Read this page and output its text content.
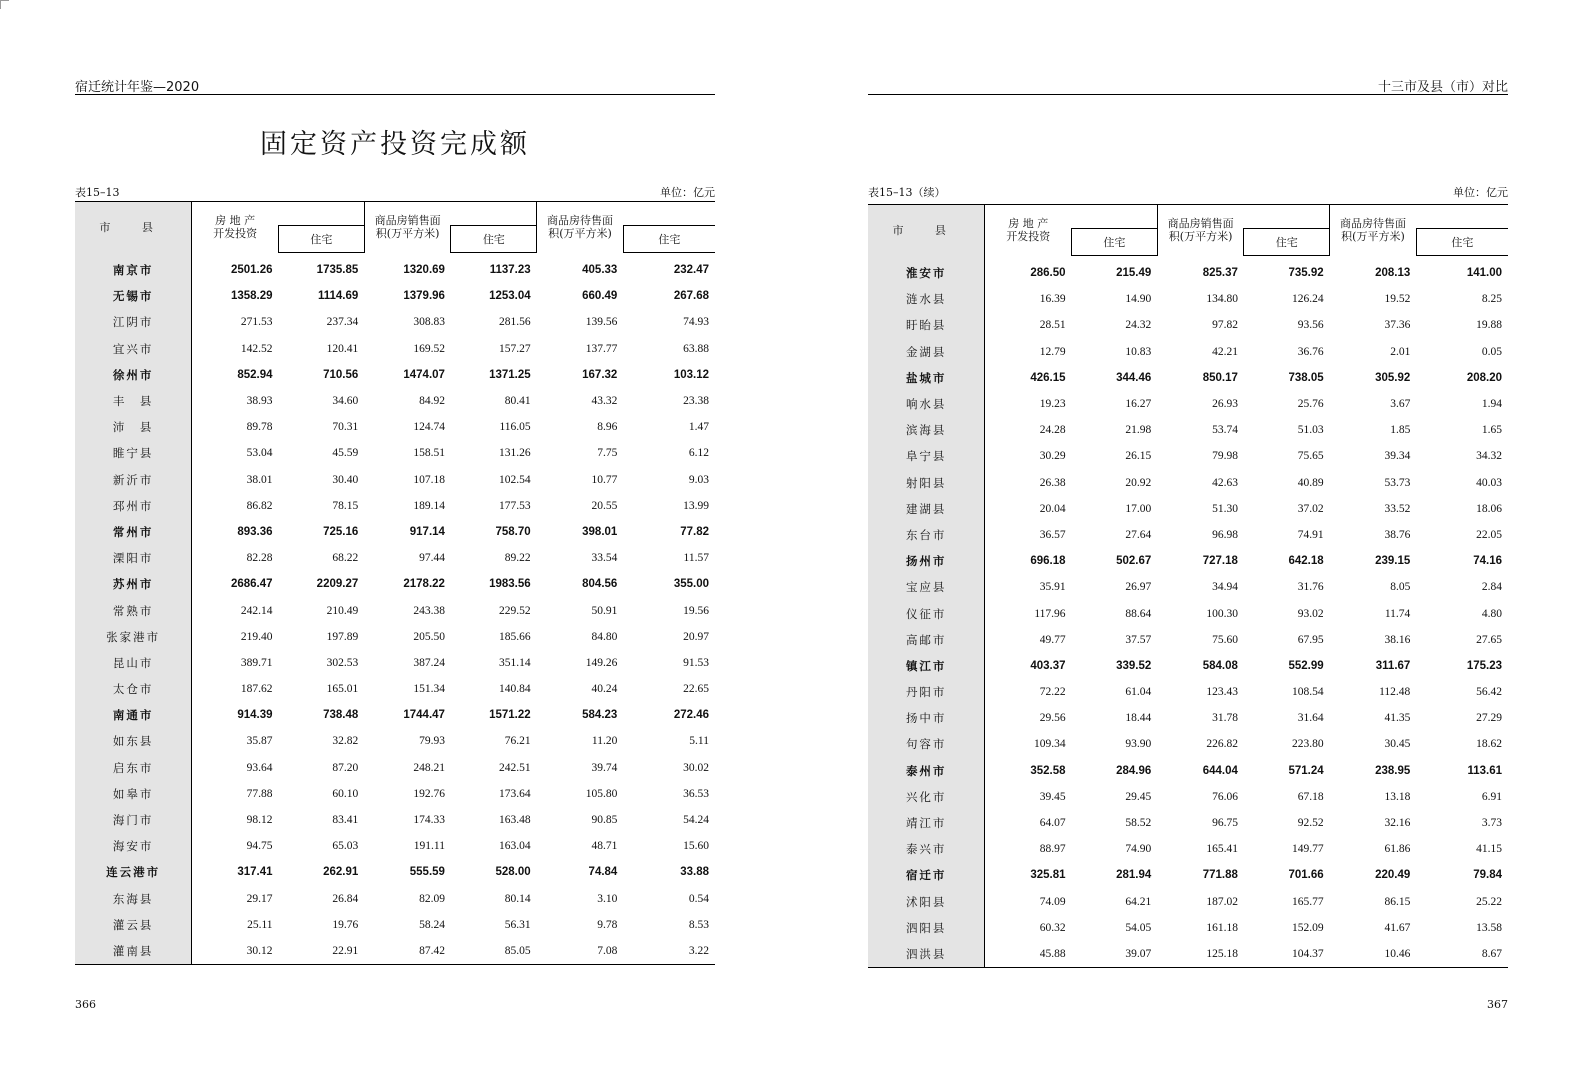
宿迁统计年鉴—2020
固定资产投资完成额
表15–13	单位：亿元
市 县	房 地 产
开发投资		商品房销售面
积(万平方米)		商品房待售面
积(万平方米)	
		住宅		住宅		住宅
南京市	2501.26	1735.85	1320.69	1137.23	405.33	232.47
无锡市	1358.29	1114.69	1379.96	1253.04	660.49	267.68
江阴市	271.53	237.34	308.83	281.56	139.56	74.93
宜兴市	142.52	120.41	169.52	157.27	137.77	63.88
徐州市	852.94	710.56	1474.07	1371.25	167.32	103.12
丰　县	38.93	34.60	84.92	80.41	43.32	23.38
沛　县	89.78	70.31	124.74	116.05	8.96	1.47
睢宁县	53.04	45.59	158.51	131.26	7.75	6.12
新沂市	38.01	30.40	107.18	102.54	10.77	9.03
邳州市	86.82	78.15	189.14	177.53	20.55	13.99
常州市	893.36	725.16	917.14	758.70	398.01	77.82
溧阳市	82.28	68.22	97.44	89.22	33.54	11.57
苏州市	2686.47	2209.27	2178.22	1983.56	804.56	355.00
常熟市	242.14	210.49	243.38	229.52	50.91	19.56
张家港市	219.40	197.89	205.50	185.66	84.80	20.97
昆山市	389.71	302.53	387.24	351.14	149.26	91.53
太仓市	187.62	165.01	151.34	140.84	40.24	22.65
南通市	914.39	738.48	1744.47	1571.22	584.23	272.46
如东县	35.87	32.82	79.93	76.21	11.20	5.11
启东市	93.64	87.20	248.21	242.51	39.74	30.02
如皋市	77.88	60.10	192.76	173.64	105.80	36.53
海门市	98.12	83.41	174.33	163.48	90.85	54.24
海安市	94.75	65.03	191.11	163.04	48.71	15.60
连云港市	317.41	262.91	555.59	528.00	74.84	33.88
东海县	29.17	26.84	82.09	80.14	3.10	0.54
灌云县	25.11	19.76	58.24	56.31	9.78	8.53
灌南县	30.12	22.91	87.42	85.05	7.08	3.22
366
十三市及县（市）对比
表15–13（续）	单位：亿元
市 县	房 地 产
开发投资		商品房销售面
积(万平方米)		商品房待售面
积(万平方米)	
		住宅		住宅		住宅
淮安市	286.50	215.49	825.37	735.92	208.13	141.00
涟水县	16.39	14.90	134.80	126.24	19.52	8.25
盱眙县	28.51	24.32	97.82	93.56	37.36	19.88
金湖县	12.79	10.83	42.21	36.76	2.01	0.05
盐城市	426.15	344.46	850.17	738.05	305.92	208.20
响水县	19.23	16.27	26.93	25.76	3.67	1.94
滨海县	24.28	21.98	53.74	51.03	1.85	1.65
阜宁县	30.29	26.15	79.98	75.65	39.34	34.32
射阳县	26.38	20.92	42.63	40.89	53.73	40.03
建湖县	20.04	17.00	51.30	37.02	33.52	18.06
东台市	36.57	27.64	96.98	74.91	38.76	22.05
扬州市	696.18	502.67	727.18	642.18	239.15	74.16
宝应县	35.91	26.97	34.94	31.76	8.05	2.84
仪征市	117.96	88.64	100.30	93.02	11.74	4.80
高邮市	49.77	37.57	75.60	67.95	38.16	27.65
镇江市	403.37	339.52	584.08	552.99	311.67	175.23
丹阳市	72.22	61.04	123.43	108.54	112.48	56.42
扬中市	29.56	18.44	31.78	31.64	41.35	27.29
句容市	109.34	93.90	226.82	223.80	30.45	18.62
泰州市	352.58	284.96	644.04	571.24	238.95	113.61
兴化市	39.45	29.45	76.06	67.18	13.18	6.91
靖江市	64.07	58.52	96.75	92.52	32.16	3.73
泰兴市	88.97	74.90	165.41	149.77	61.86	41.15
宿迁市	325.81	281.94	771.88	701.66	220.49	79.84
沭阳县	74.09	64.21	187.02	165.77	86.15	25.22
泗阳县	60.32	54.05	161.18	152.09	41.67	13.58
泗洪县	45.88	39.07	125.18	104.37	10.46	8.67
367
